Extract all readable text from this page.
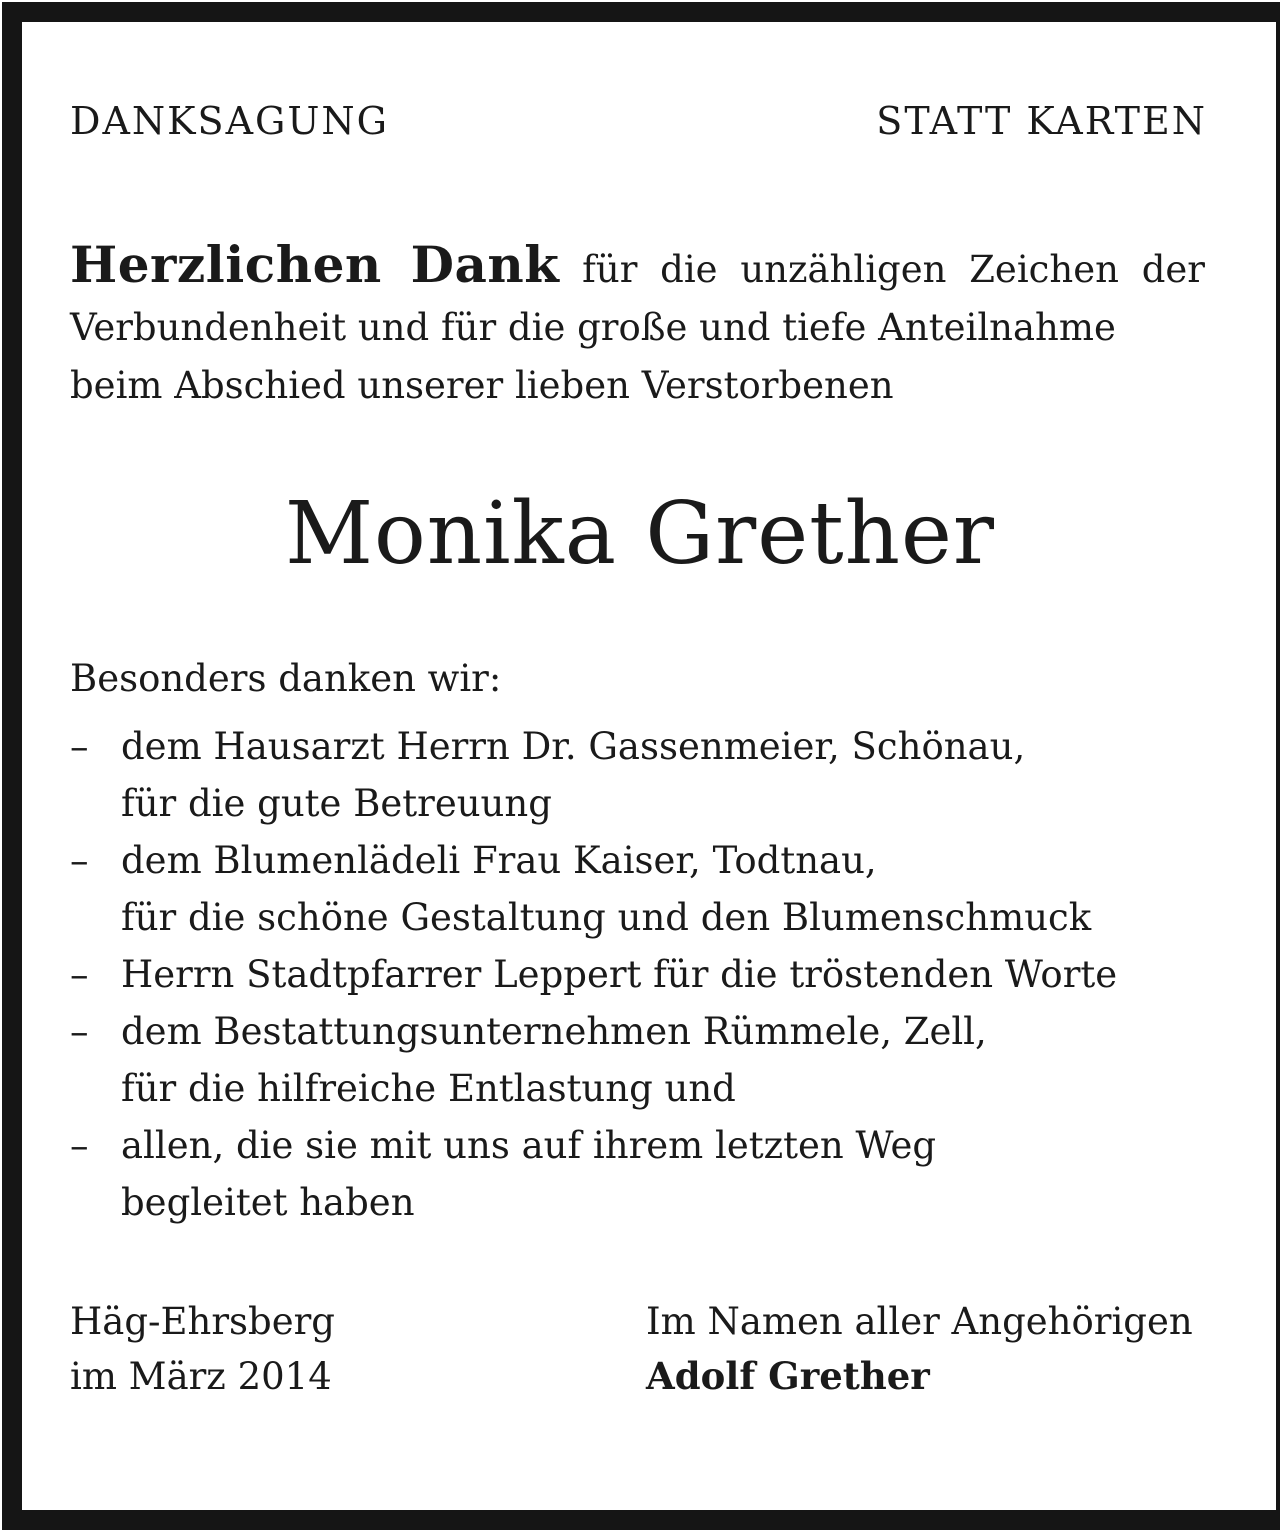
DANKSAGUNG	STATT KARTEN
Herzlichen Dank für die unzähligen Zeichen der Verbundenheit und für die große und tiefe Anteilnahme
beim Abschied unserer lieben Verstorbenen
Monika Grether
Besonders danken wir:
– dem Hausarzt Herrn Dr. Gassenmeier, Schönau,
für die gute Betreuung
– dem Blumenlädeli Frau Kaiser, Todtnau,
für die schöne Gestaltung und den Blumenschmuck
– Herrn Stadtpfarrer Leppert für die tröstenden Worte
– dem Bestattungsunternehmen Rümmele, Zell,
für die hilfreiche Entlastung und
– allen, die sie mit uns auf ihrem letzten Weg
begleitet haben
Häg-Ehrsberg
im März 2014
Im Namen aller Angehörigen
Adolf Grether
